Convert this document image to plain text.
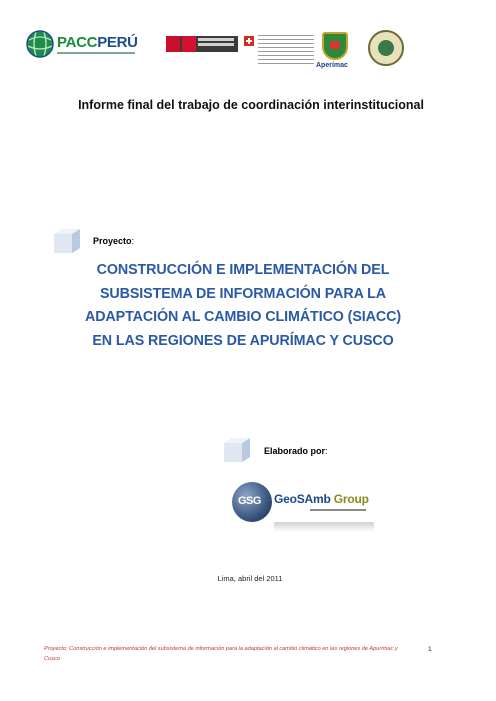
PACCPERÚ
Aperímac
Informe final del trabajo de coordinación interinstitucional
Proyecto:
CONSTRUCCIÓN E IMPLEMENTACIÓN DEL SUBSISTEMA DE INFORMACIÓN PARA LA ADAPTACIÓN AL CAMBIO CLIMÁTICO (SIACC) EN LAS REGIONES DE APURÍMAC Y CUSCO
Elaborado por:
GSG GeoSAmb Group
Lima, abril del 2011
Proyecto: Construcción e implementación del subsistema de información para la adaptación al cambio climático en las regiones de Apurímac y Cusco
1
